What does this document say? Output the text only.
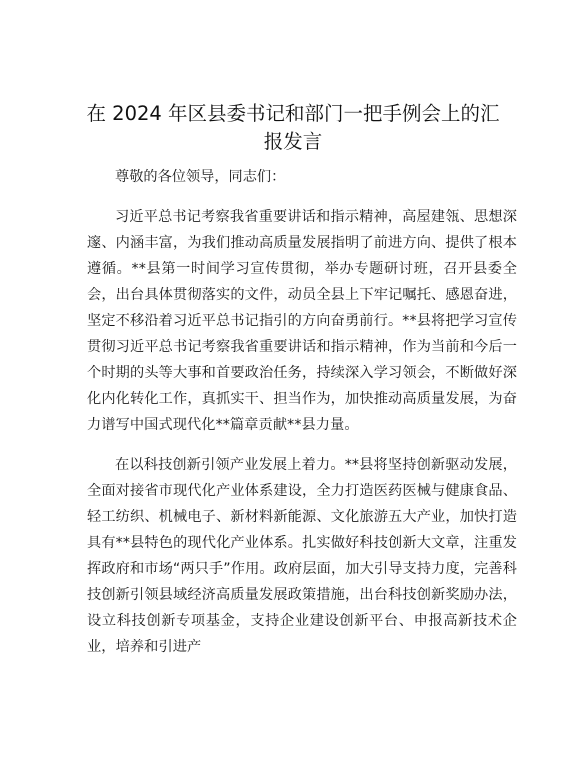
在 2024 年区县委书记和部门一把手例会上的汇报发言

尊敬的各位领导，同志们：

习近平总书记考察我省重要讲话和指示精神，高屋建瓴、思想深邃、内涵丰富，为我们推动高质量发展指明了前进方向、提供了根本遵循。**县第一时间学习宣传贯彻，举办专题研讨班，召开县委全会，出台具体贯彻落实的文件，动员全县上下牢记嘱托、感恩奋进，坚定不移沿着习近平总书记指引的方向奋勇前行。**县将把学习宣传贯彻习近平总书记考察我省重要讲话和指示精神，作为当前和今后一个时期的头等大事和首要政治任务，持续深入学习领会，不断做好深化内化转化工作，真抓实干、担当作为，加快推动高质量发展，为奋力谱写中国式现代化**篇章贡献**县力量。

在以科技创新引领产业发展上着力。**县将坚持创新驱动发展，全面对接省市现代化产业体系建设，全力打造医药医械与健康食品、轻工纺织、机械电子、新材料新能源、文化旅游五大产业，加快打造具有**县特色的现代化产业体系。扎实做好科技创新大文章，注重发挥政府和市场“两只手”作用。政府层面，加大引导支持力度，完善科技创新引领县域经济高质量发展政策措施，出台科技创新奖励办法，设立科技创新专项基金，支持企业建设创新平台、申报高新技术企业，培养和引进产
